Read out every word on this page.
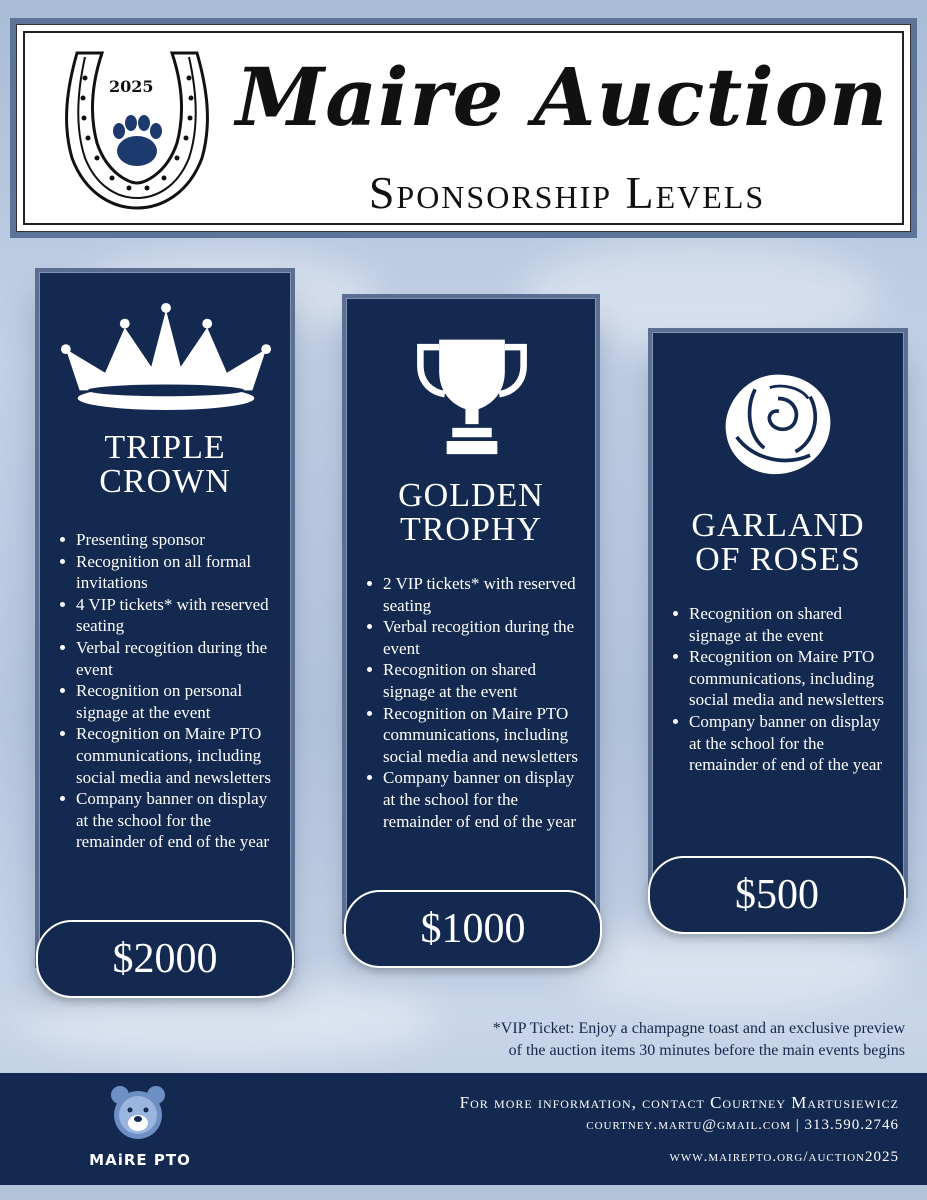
2025 Maire Auction
Sponsorship Levels
TRIPLE
CROWN
Presenting sponsor
Recognition on all formal invitations
4 VIP tickets* with reserved seating
Verbal recogition during the event
Recognition on personal signage at the event
Recognition on Maire PTO communications, including social media and newsletters
Company banner on display at the school for the remainder of end of the year
$2000
GOLDEN
TROPHY
2 VIP tickets* with reserved seating
Verbal recogition during the event
Recognition on shared signage at the event
Recognition on Maire PTO communications, including social media and newsletters
Company banner on display at the school for the remainder of end of the year
$1000
GARLAND
OF ROSES
Recognition on shared signage at the event
Recognition on Maire PTO communications, including social media and newsletters
Company banner on display at the school for the remainder of end of the year
$500
*VIP Ticket: Enjoy a champagne toast and an exclusive preview
of the auction items 30 minutes before the main events begins
MAiRE PTO
For more information, contact Courtney Martusiewicz
courtney.martu@gmail.com | 313.590.2746
www.mairepto.org/auction2025
